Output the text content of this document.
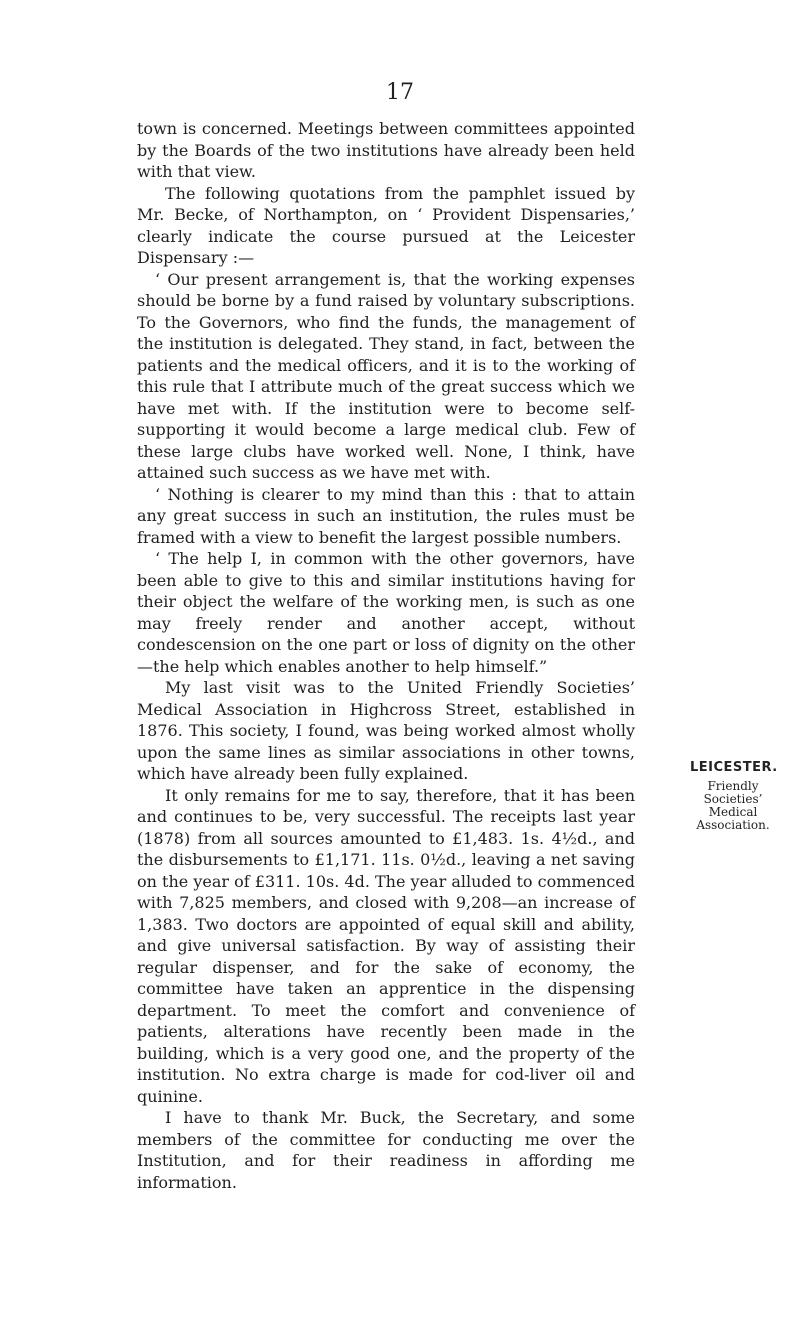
17

town is concerned. Meetings between committees appointed by the Boards of the two institutions have already been held with that view.

The following quotations from the pamphlet issued by Mr. Becke, of Northampton, on ‘ Provident Dispensaries,’ clearly indicate the course pursued at the Leicester Dispensary :—

‘ Our present arrangement is, that the working expenses should be borne by a fund raised by voluntary subscriptions. To the Governors, who find the funds, the management of the institution is delegated. They stand, in fact, between the patients and the medical officers, and it is to the working of this rule that I attribute much of the great success which we have met with. If the institution were to become self-supporting it would become a large medical club. Few of these large clubs have worked well. None, I think, have attained such success as we have met with.

‘ Nothing is clearer to my mind than this : that to attain any great success in such an institution, the rules must be framed with a view to benefit the largest possible numbers.

‘ The help I, in common with the other governors, have been able to give to this and similar institutions having for their object the welfare of the working men, is such as one may freely render and another accept, without condescension on the one part or loss of dignity on the other—the help which enables another to help himself.”

My last visit was to the United Friendly Societies’ Medical Association in Highcross Street, established in 1876. This society, I found, was being worked almost wholly upon the same lines as similar associations in other towns, which have already been fully explained.

It only remains for me to say, therefore, that it has been and continues to be, very successful. The receipts last year (1878) from all sources amounted to £1,483. 1s. 4½d., and the disbursements to £1,171. 11s. 0½d., leaving a net saving on the year of £311. 10s. 4d. The year alluded to commenced with 7,825 members, and closed with 9,208—an increase of 1,383. Two doctors are appointed of equal skill and ability, and give universal satisfaction. By way of assisting their regular dispenser, and for the sake of economy, the committee have taken an apprentice in the dispensing department. To meet the comfort and convenience of patients, alterations have recently been made in the building, which is a very good one, and the property of the institution. No extra charge is made for cod-liver oil and quinine.

I have to thank Mr. Buck, the Secretary, and some members of the committee for conducting me over the Institution, and for their readiness in affording me information.

LEICESTER.
Friendly
Societies’
Medical
Association.
